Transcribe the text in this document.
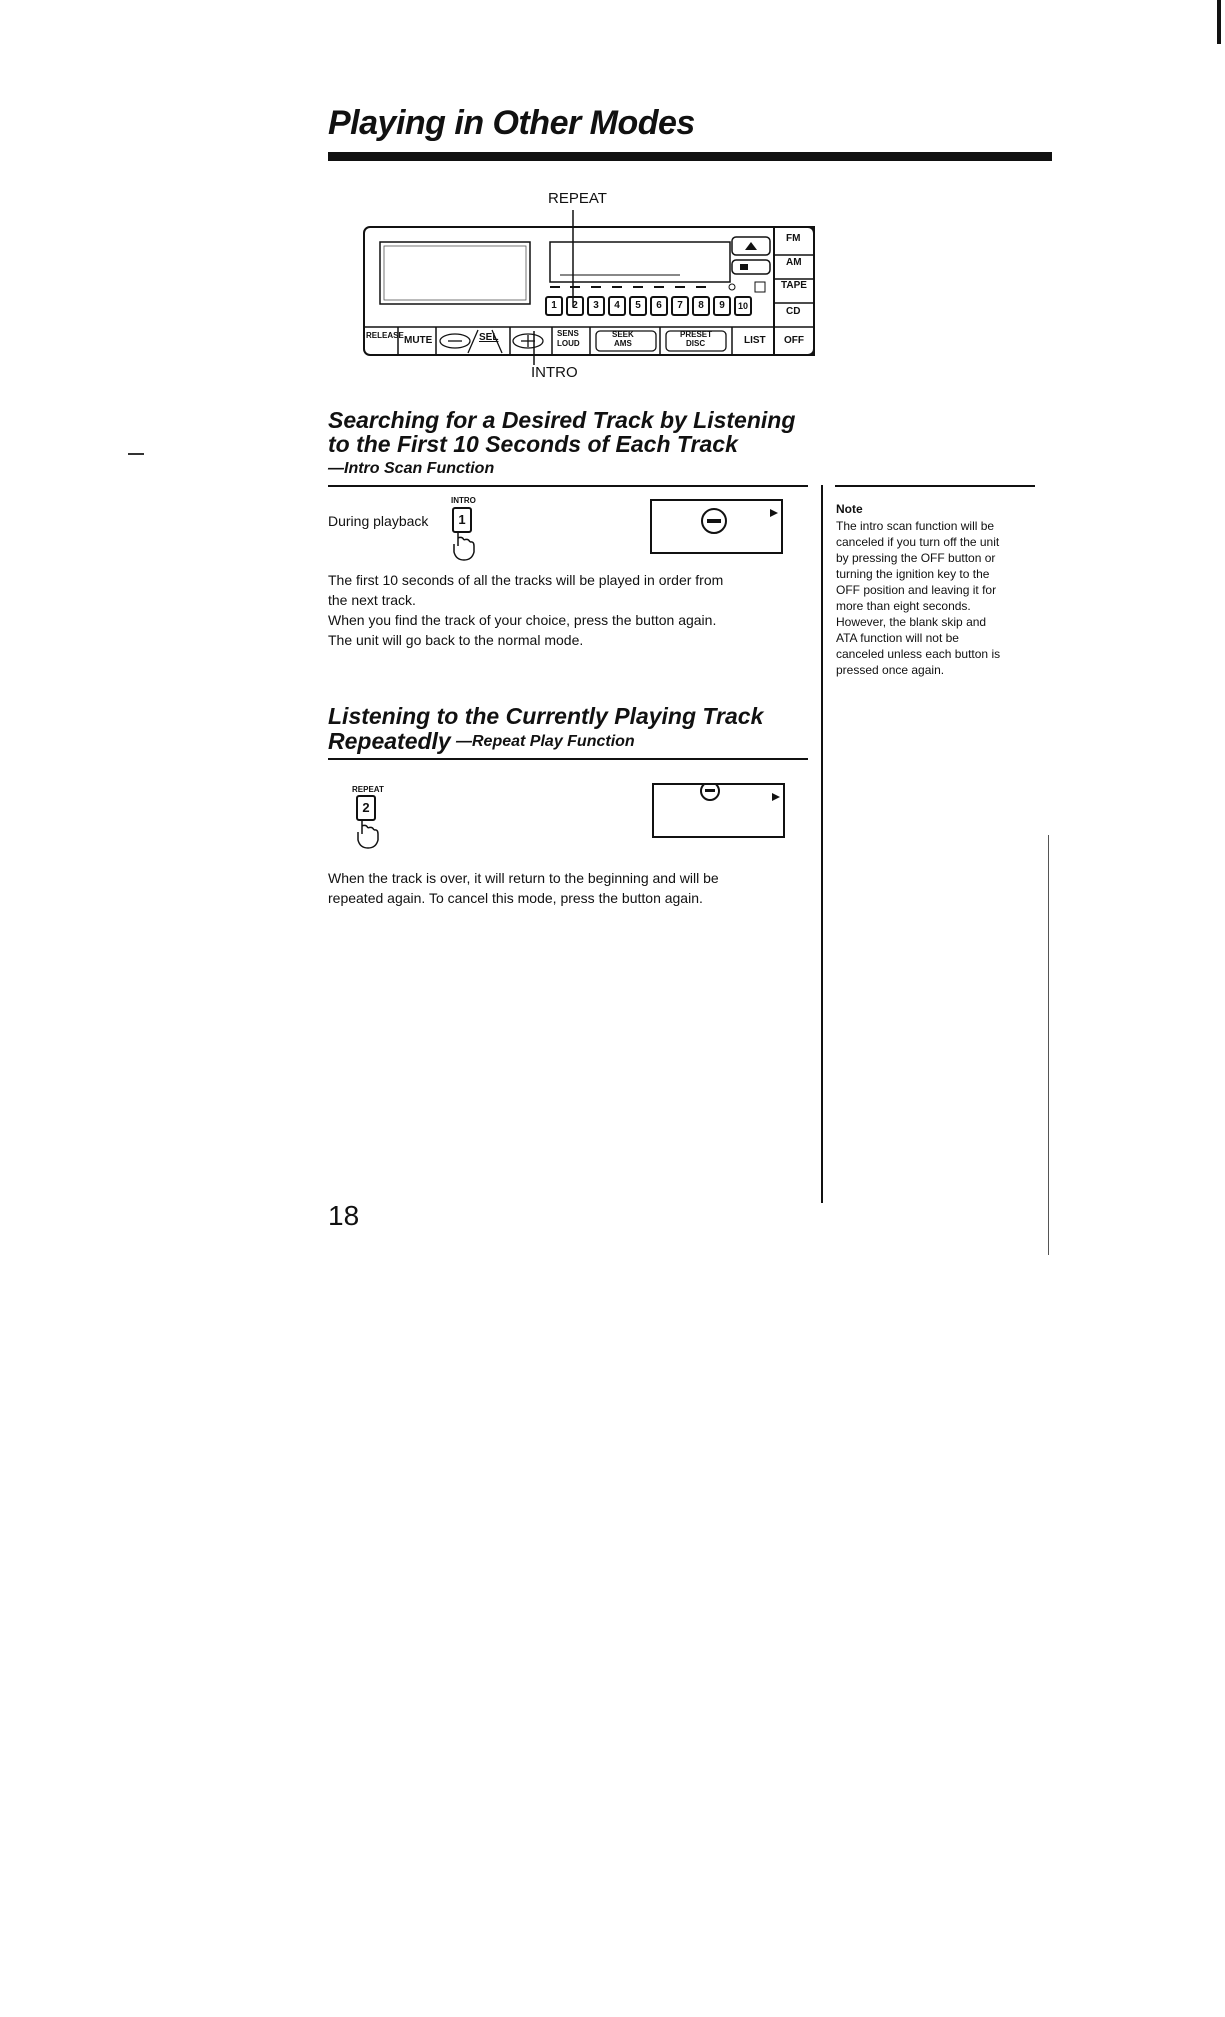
Playing in Other Modes
REPEAT
INTRO
1	2	3	4	5	6	7	8	9	10
RELEASE MUTE	SEL	SENS
LOUD
SEEK
AMS
PRESET
DISC	LIST OFF
FM
AM
TAPE
CD
Searching for a Desired Track by Listening
to the First 10 Seconds of Each Track
—Intro Scan Function
During playback
INTRO
1
The first 10 seconds of all the tracks will be played in order from
the next track.
When you find the track of your choice, press the button again.
The unit will go back to the normal mode.
Listening to the Currently Playing Track
Repeatedly —Repeat Play Function
REPEAT
2
When the track is over, it will return to the beginning and will be
repeated again. To cancel this mode, press the button again.
Note
The intro scan function will be
canceled if you turn off the unit
by pressing the OFF button or
turning the ignition key to the
OFF position and leaving it for
more than eight seconds.
However, the blank skip and
ATA function will not be
canceled unless each button is
pressed once again.
18
